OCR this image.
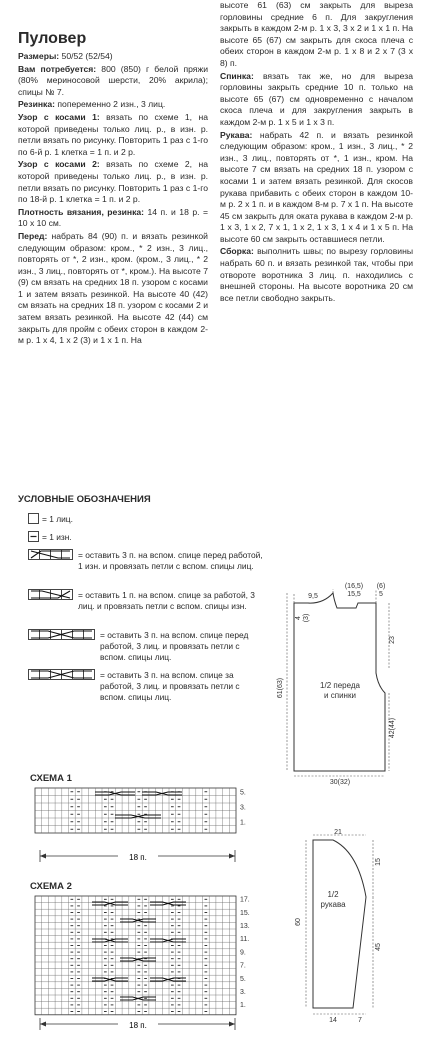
Пуловер

Размеры: 50/52 (52/54)

Вам потребуется: 800 (850) г белой пряжи (80% мериносовой шерсти, 20% акрила); спицы № 7.

Резинка: попеременно 2 изн., 3 лиц.

Узор с косами 1: вязать по схеме 1, на которой приведены только лиц. р., в изн. р. петли вязать по рисунку. Повторить 1 раз с 1-го по 6-й р. 1 клетка = 1 п. и 2 р.

Узор с косами 2: вязать по схеме 2, на которой приведены только лиц. р., в изн. р. петли вязать по рисунку. Повторить 1 раз с 1-го по 18-й р. 1 клетка = 1 п. и 2 р.

Плотность вязания, резинка: 14 п. и 18 р. = 10 х 10 см.

Перед: набрать 84 (90) п. и вязать резинкой следующим образом: кром., * 2 изн., 3 лиц., повторять от *, 2 изн., кром. (кром., 3 лиц., * 2 изн., 3 лиц., повторять от *, кром.). На высоте 7 (9) см вязать на средних 18 п. узором с косами 1 и затем вязать резинкой. На высоте 40 (42) см вязать на средних 18 п. узором с косами 2 и затем вязать резинкой. На высоте 42 (44) см закрыть для пройм с обеих сторон в каждом 2-м р. 1 х 4, 1 х 2 (3) и 1 х 1 п. На

высоте 61 (63) см закрыть для выреза горловины средние 6 п. Для закругления закрыть в каждом 2-м р. 1 х 3, 3 х 2 и 1 х 1 п. На высоте 65 (67) см закрыть для скоса плеча с обеих сторон в каждом 2-м р. 1 х 8 и 2 х 7 (3 х 8) п.

Спинка: вязать так же, но для выреза горловины закрыть средние 10 п. только на высоте 65 (67) см одновременно с началом скоса плеча и для закругления закрыть в каждом 2-м р. 1 х 5 и 1 х 3 п.

Рукава: набрать 42 п. и вязать резинкой следующим образом: кром., 1 изн., 3 лиц., * 2 изн., 3 лиц., повторять от *, 1 изн., кром. На высоте 7 см вязать на средних 18 п. узором с косами 1 и затем вязать резинкой. Для скосов рукава прибавить с обеих сторон в каждом 10-м р. 2 х 1 п. и в каждом 8-м р. 7 х 1 п. На высоте 45 см закрыть для оката рукава в каждом 2-м р. 1 х 3, 1 х 2, 7 х 1, 1 х 2, 1 х 3, 1 х 4 и 1 х 5 п. На высоте 60 см закрыть оставшиеся петли.

Сборка: выполнить швы; по вырезу горловины набрать 60 п. и вязать резинкой так, чтобы при отвороте воротника 3 лиц. п. находились с внешней стороны. На высоте воротника 20 см все петли свободно закрыть.

УСЛОВНЫЕ ОБОЗНАЧЕНИЯ
= 1 лиц.
= 1 изн.
= оставить 3 п. на вспом. спице перед работой, 1 изн. и провязать петли с вспом. спицы лиц.
= оставить 1 п. на вспом. спице за работой, 3 лиц. и провязать петли с вспом. спицы изн.
= оставить 3 п. на вспом. спице перед работой, 3 лиц. и провязать петли с вспом. спицы лиц.
= оставить 3 п. на вспом. спице за работой, 3 лиц. и провязать петли с вспом. спицы лиц.
СХЕМА 1
5.
3.
1.
18 п.
СХЕМА 2
17.
15.
13.
11.
9.
7.
5.
3.
1.
18 п.
9,5
(16,5)
15,5
(6)
5
4 (3)
23
61(63)
42(44)
30(32)
1/2 переда
и спинки
21
15
60
45
14	7
1/2
рукава
